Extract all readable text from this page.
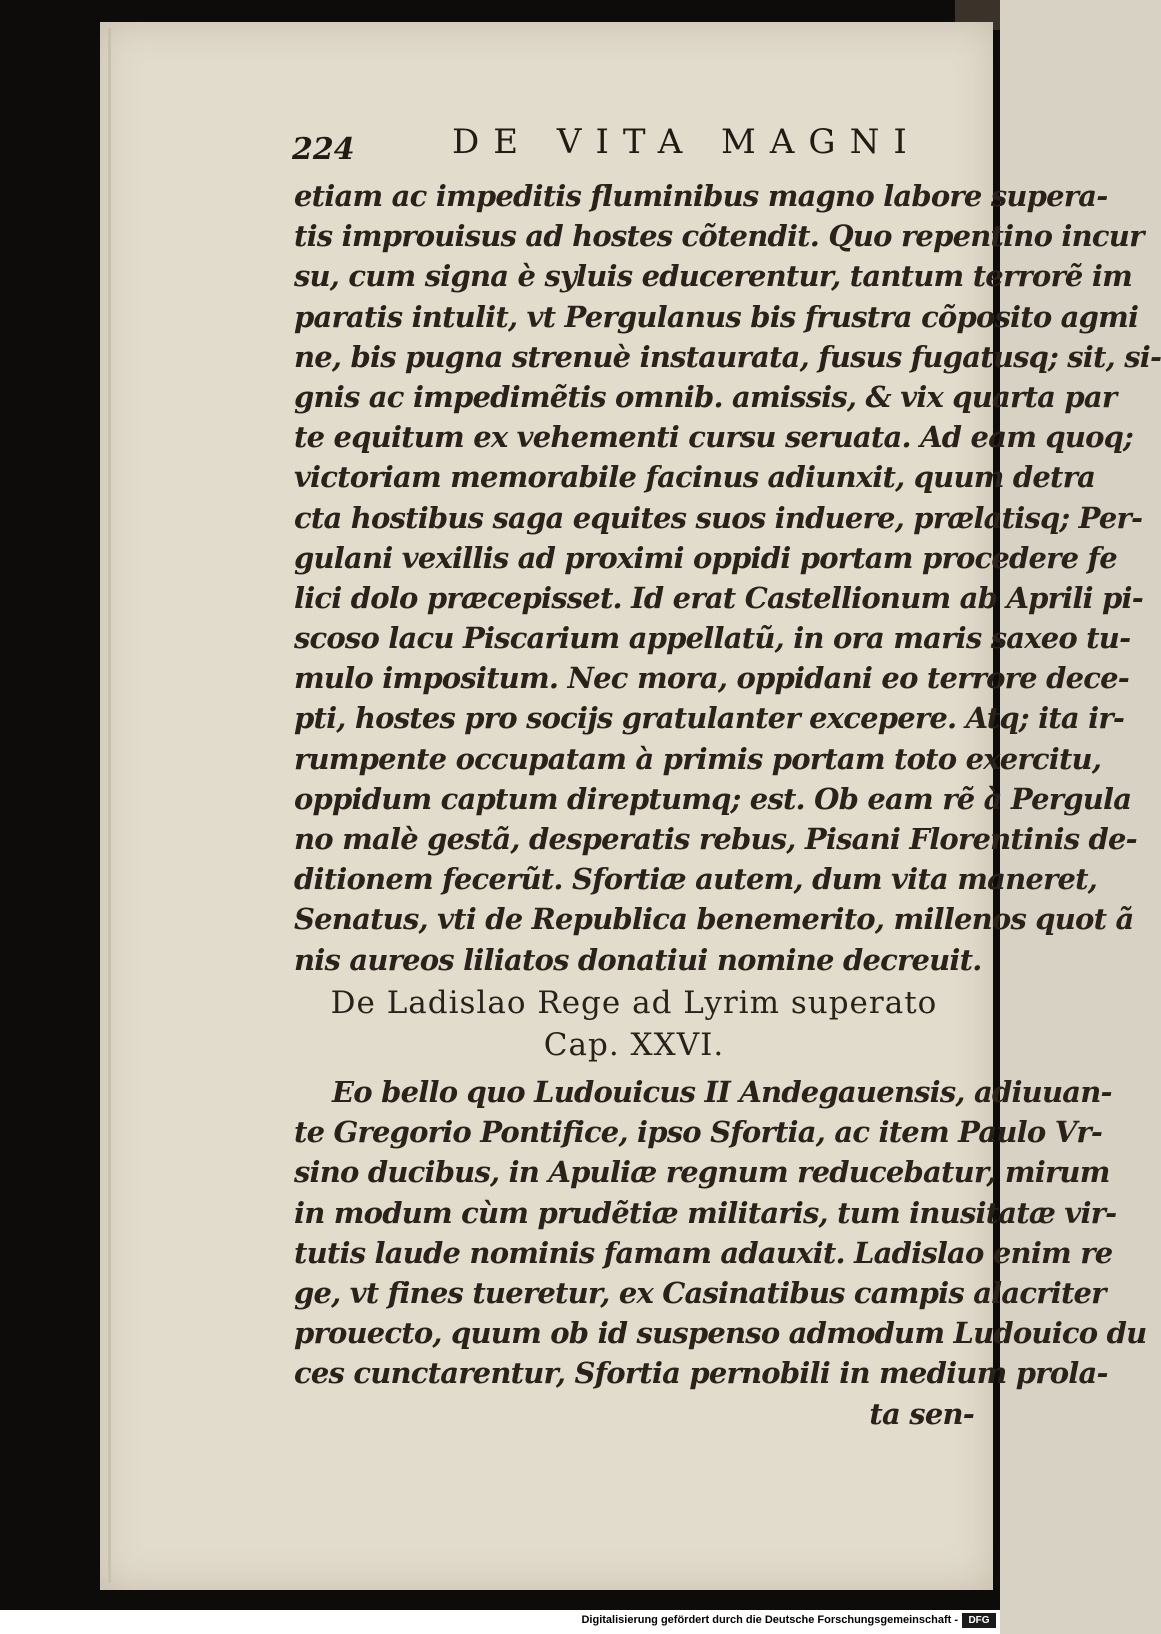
224	DE VITA MAGNI
etiam ac impeditis fluminibus magno labore supera-
tis improuisus ad hostes cõtendit. Quo repentino incur
su, cum signa è syluis educerentur, tantum terrorẽ im
paratis intulit, vt Pergulanus bis frustra cõposito agmi
ne, bis pugna strenuè instaurata, fusus fugatusq; sit, si-
gnis ac impedimẽtis omnib. amissis, & vix quarta par
te equitum ex vehementi cursu seruata. Ad eam quoq;
victoriam memorabile facinus adiunxit, quum detra
cta hostibus saga equites suos induere, prælatisq; Per-
gulani vexillis ad proximi oppidi portam procedere fe
lici dolo præcepisset. Id erat Castellionum ab Aprili pi-
scoso lacu Piscarium appellatũ, in ora maris saxeo tu-
mulo impositum. Nec mora, oppidani eo terrore dece-
pti, hostes pro socijs gratulanter excepere. Atq; ita ir-
rumpente occupatam à primis portam toto exercitu,
oppidum captum direptumq; est. Ob eam rẽ à Pergula
no malè gestã, desperatis rebus, Pisani Florentinis de-
ditionem fecerũt. Sfortiæ autem, dum vita maneret,
Senatus, vti de Republica benemerito, millenos quot ã
nis aureos liliatos donatiui nomine decreuit.
De Ladislao Rege ad Lyrim superato
Cap. XXVI.
Eo bello quo Ludouicus II Andegauensis, adiuuan-
te Gregorio Pontifice, ipso Sfortia, ac item Paulo Vr-
sino ducibus, in Apuliæ regnum reducebatur, mirum
in modum cùm prudẽtiæ militaris, tum inusitatæ vir-
tutis laude nominis famam adauxit. Ladislao enim re
ge, vt fines tueretur, ex Casinatibus campis alacriter
prouecto, quum ob id suspenso admodum Ludouico du
ces cunctarentur, Sfortia pernobili in medium prola-
ta sen-
Digitalisierung gefördert durch die Deutsche Forschungsgemeinschaft -	DFG
